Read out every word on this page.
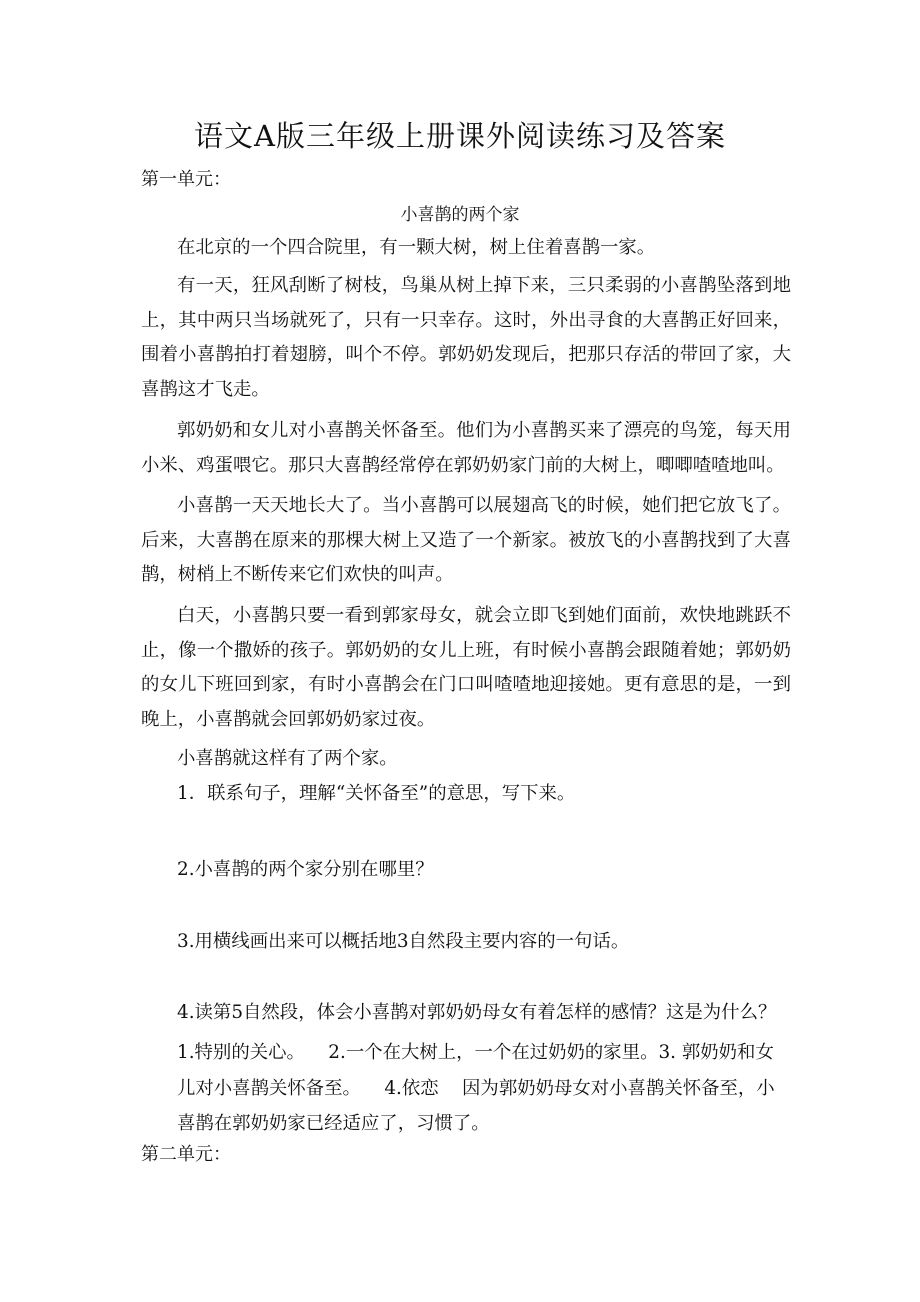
语文A版三年级上册课外阅读练习及答案
第一单元：
小喜鹊的两个家

在北京的一个四合院里，有一颗大树，树上住着喜鹊一家。

有一天，狂风刮断了树枝，鸟巢从树上掉下来，三只柔弱的小喜鹊坠落到地上，其中两只当场就死了，只有一只幸存。这时，外出寻食的大喜鹊正好回来，围着小喜鹊拍打着翅膀，叫个不停。郭奶奶发现后，把那只存活的带回了家，大喜鹊这才飞走。

郭奶奶和女儿对小喜鹊关怀备至。他们为小喜鹊买来了漂亮的鸟笼，每天用小米、鸡蛋喂它。那只大喜鹊经常停在郭奶奶家门前的大树上，唧唧喳喳地叫。

小喜鹊一天天地长大了。当小喜鹊可以展翅高飞的时候，她们把它放飞了。后来，大喜鹊在原来的那棵大树上又造了一个新家。被放飞的小喜鹊找到了大喜鹊，树梢上不断传来它们欢快的叫声。

白天，小喜鹊只要一看到郭家母女，就会立即飞到她们面前，欢快地跳跃不止，像一个撒娇的孩子。郭奶奶的女儿上班，有时候小喜鹊会跟随着她；郭奶奶的女儿下班回到家，有时小喜鹊会在门口叫喳喳地迎接她。更有意思的是，一到晚上，小喜鹊就会回郭奶奶家过夜。

小喜鹊就这样有了两个家。

1．联系句子，理解“关怀备至”的意思，写下来。

2.小喜鹊的两个家分别在哪里？

3.用横线画出来可以概括地3自然段主要内容的一句话。

4.读第5自然段，体会小喜鹊对郭奶奶母女有着怎样的感情？这是为什么？

1.特别的关心。 2.一个在大树上，一个在过奶奶的家里。3. 郭奶奶和女儿对小喜鹊关怀备至。 4.依恋 因为郭奶奶母女对小喜鹊关怀备至，小喜鹊在郭奶奶家已经适应了，习惯了。

第二单元：
